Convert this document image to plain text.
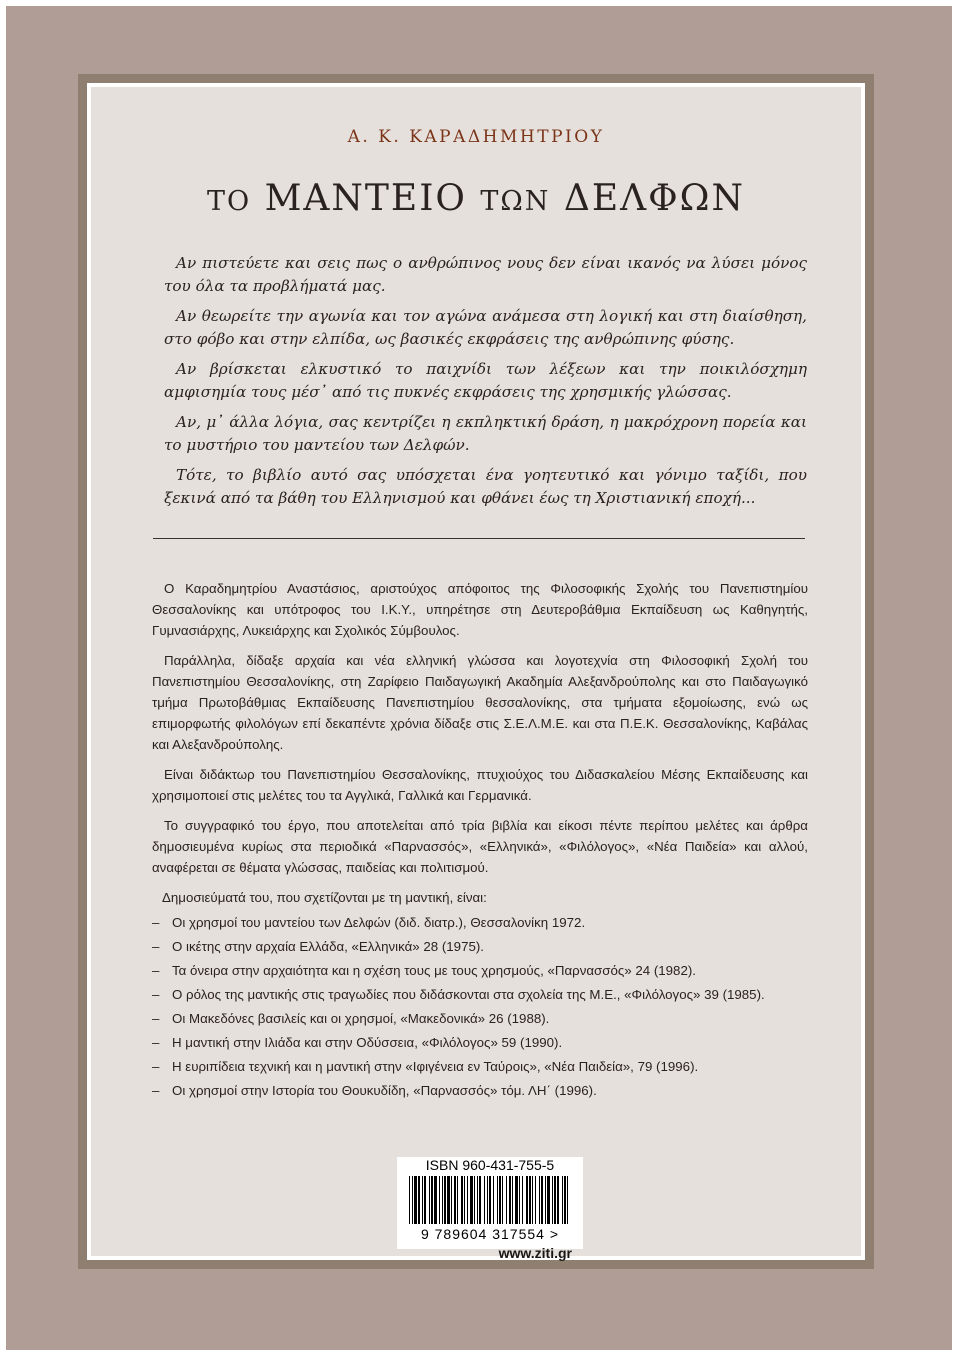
Α. Κ. ΚΑΡΑΔΗΜΗΤΡΙΟΥ
ΤΟ ΜΑΝΤΕΙΟ ΤΩΝ ΔΕΛΦΩΝ

Αν πιστεύετε και σεις πως ο ανθρώπινος νους δεν είναι ικανός να λύσει μόνος του όλα τα προβλήματά μας.

Αν θεωρείτε την αγωνία και τον αγώνα ανάμεσα στη λογική και στη διαίσθηση, στο φόβο και στην ελπίδα, ως βασικές εκφράσεις της ανθρώπινης φύσης.

Αν βρίσκεται ελκυστικό το παιχνίδι των λέξεων και την ποικιλόσχημη αμφισημία τους μέσ᾽ από τις πυκνές εκφράσεις της χρησμικής γλώσσας.

Αν, μ᾽ άλλα λόγια, σας κεντρίζει η εκπληκτική δράση, η μακρόχρονη πορεία και το μυστήριο του μαντείου των Δελφών.

Τότε, το βιβλίο αυτό σας υπόσχεται ένα γοητευτικό και γόνιμο ταξίδι, που ξεκινά από τα βάθη του Ελληνισμού και φθάνει έως τη Χριστιανική εποχή...

Ο Καραδημητρίου Αναστάσιος, αριστούχος απόφοιτος της Φιλοσοφικής Σχολής του Πανεπιστημίου Θεσσαλονίκης και υπότροφος του Ι.Κ.Υ., υπηρέτησε στη Δευτεροβάθμια Εκπαίδευση ως Καθηγητής, Γυμνασιάρχης, Λυκειάρχης και Σχολικός Σύμβουλος.

Παράλληλα, δίδαξε αρχαία και νέα ελληνική γλώσσα και λογοτεχνία στη Φιλοσοφική Σχολή του Πανεπιστημίου Θεσσαλονίκης, στη Ζαρίφειο Παιδαγωγική Ακαδημία Αλεξανδρούπολης και στο Παιδαγωγικό τμήμα Πρωτοβάθμιας Εκπαίδευσης Πανεπιστημίου θεσσαλονίκης, στα τμήματα εξομοίωσης, ενώ ως επιμορφωτής φιλολόγων επί δεκαπέντε χρόνια δίδαξε στις Σ.Ε.Λ.Μ.Ε. και στα Π.Ε.Κ. Θεσσαλονίκης, Καβάλας και Αλεξανδρούπολης.

Είναι διδάκτωρ του Πανεπιστημίου Θεσσαλονίκης, πτυχιούχος του Διδασκαλείου Μέσης Εκπαίδευσης και χρησιμοποιεί στις μελέτες του τα Αγγλικά, Γαλλικά και Γερμανικά.

Το συγγραφικό του έργο, που αποτελείται από τρία βιβλία και είκοσι πέντε περίπου μελέτες και άρθρα δημοσιευμένα κυρίως στα περιοδικά «Παρνασσός», «Ελληνικά», «Φιλόλογος», «Νέα Παιδεία» και αλλού, αναφέρεται σε θέματα γλώσσας, παιδείας και πολιτισμού.

Δημοσιεύματά του, που σχετίζονται με τη μαντική, είναι:

– Οι χρησμοί του μαντείου των Δελφών (διδ. διατρ.), Θεσσαλονίκη 1972.
– Ο ικέτης στην αρχαία Ελλάδα, «Ελληνικά» 28 (1975).
– Τα όνειρα στην αρχαιότητα και η σχέση τους με τους χρησμούς, «Παρνασσός» 24 (1982).
– Ο ρόλος της μαντικής στις τραγωδίες που διδάσκονται στα σχολεία της Μ.Ε., «Φιλόλογος» 39 (1985).
– Οι Μακεδόνες βασιλείς και οι χρησμοί, «Μακεδονικά» 26 (1988).
– Η μαντική στην Ιλιάδα και στην Οδύσσεια, «Φιλόλογος» 59 (1990).
– Η ευριπίδεια τεχνική και η μαντική στην «Ιφιγένεια εν Ταύροις», «Νέα Παιδεία», 79 (1996).
– Οι χρησμοί στην Ιστορία του Θουκυδίδη, «Παρνασσός» τόμ. ΛΗ΄ (1996).
ISBN 960-431-755-5
9 789604 317554 >
www.ziti.gr
